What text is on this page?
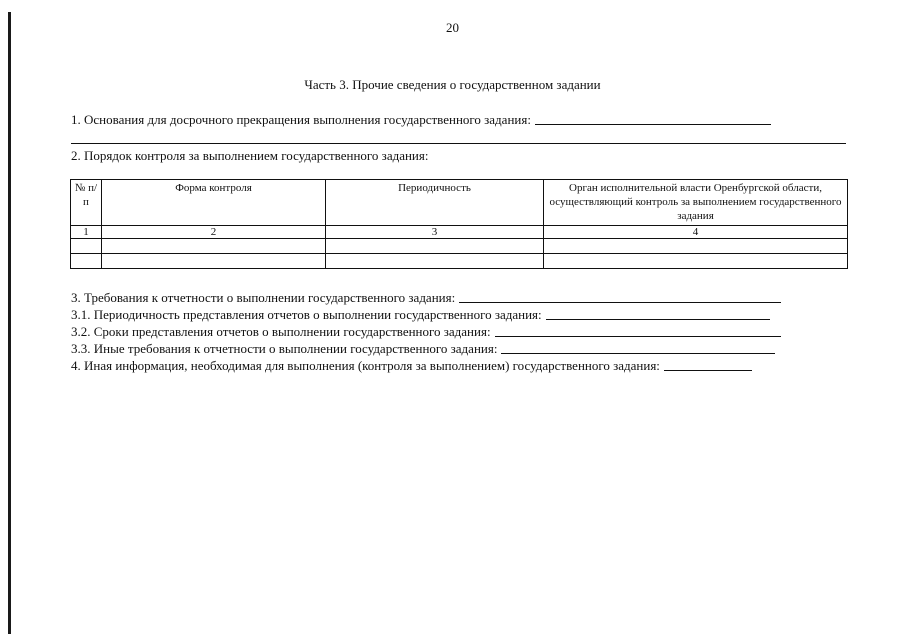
20
Часть 3. Прочие сведения о государственном задании
1. Основания для досрочного прекращения выполнения государственного задания:
2. Порядок контроля за выполнением государственного задания:
№ п/п	Форма контроля	Периодичность	Орган исполнительной власти Оренбургской области, осуществляющий контроль за выполнением государственного задания
1	2	3	4

3. Требования к отчетности о выполнении государственного задания:
3.1. Периодичность представления отчетов о выполнении государственного задания:
3.2. Сроки представления отчетов о выполнении государственного задания:
3.3. Иные требования к отчетности о выполнении государственного задания:
4. Иная информация, необходимая для выполнения (контроля за выполнением) государственного задания:
